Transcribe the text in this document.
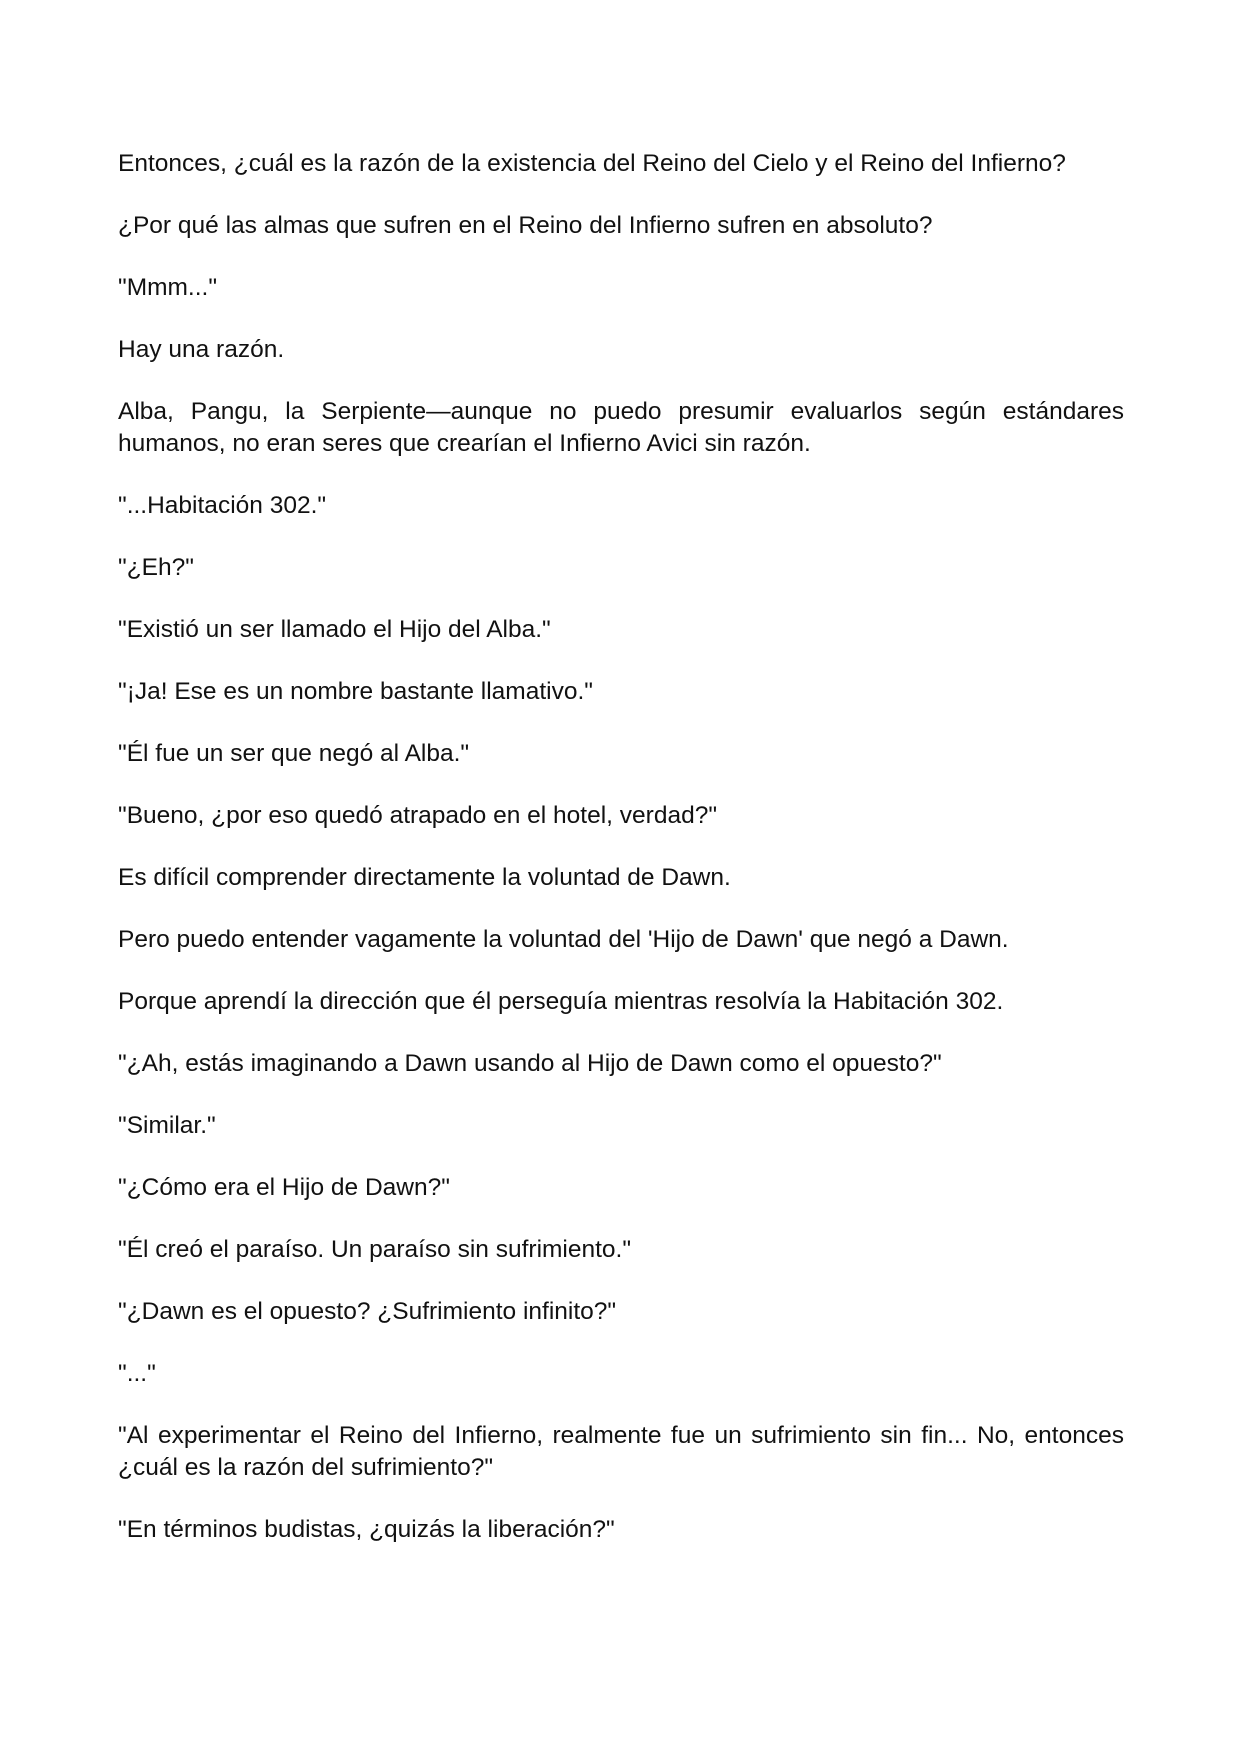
Entonces, ¿cuál es la razón de la existencia del Reino del Cielo y el Reino del Infierno?

¿Por qué las almas que sufren en el Reino del Infierno sufren en absoluto?

"Mmm..."

Hay una razón.

Alba, Pangu, la Serpiente—aunque no puedo presumir evaluarlos según estándares humanos, no eran seres que crearían el Infierno Avici sin razón.

"...Habitación 302."

"¿Eh?"

"Existió un ser llamado el Hijo del Alba."

"¡Ja! Ese es un nombre bastante llamativo."

"Él fue un ser que negó al Alba."

"Bueno, ¿por eso quedó atrapado en el hotel, verdad?"

Es difícil comprender directamente la voluntad de Dawn.

Pero puedo entender vagamente la voluntad del 'Hijo de Dawn' que negó a Dawn.

Porque aprendí la dirección que él perseguía mientras resolvía la Habitación 302.

"¿Ah, estás imaginando a Dawn usando al Hijo de Dawn como el opuesto?"

"Similar."

"¿Cómo era el Hijo de Dawn?"

"Él creó el paraíso. Un paraíso sin sufrimiento."

"¿Dawn es el opuesto? ¿Sufrimiento infinito?"

"..."

"Al experimentar el Reino del Infierno, realmente fue un sufrimiento sin fin... No, entonces ¿cuál es la razón del sufrimiento?"

"En términos budistas, ¿quizás la liberación?"
